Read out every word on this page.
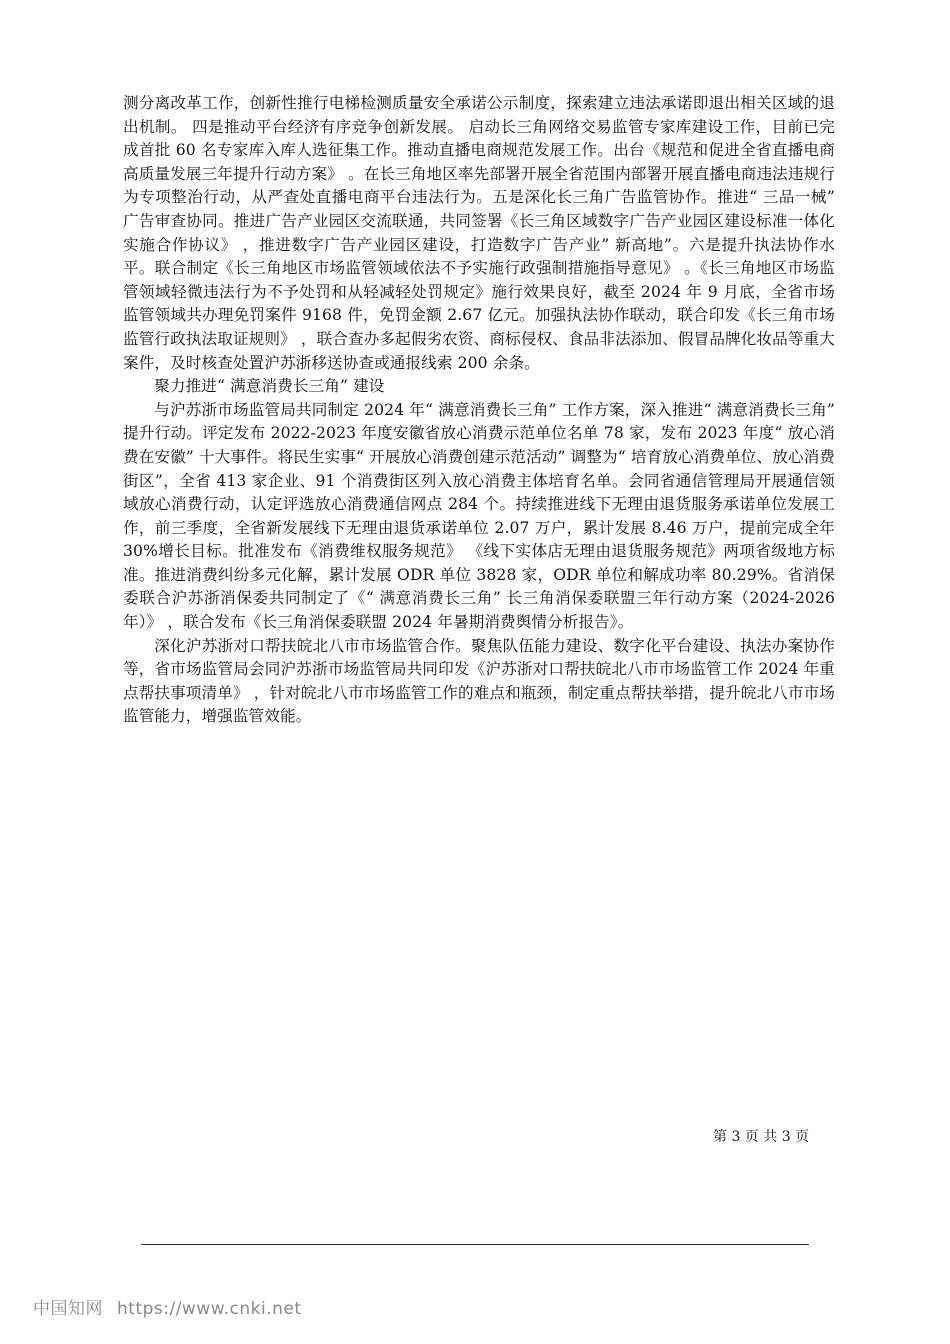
测分离改革工作，创新性推行电梯检测质量安全承诺公示制度，探索建立违法承诺即退出相关区域的退出机制。 四是推动平台经济有序竞争创新发展。 启动长三角网络交易监管专家库建设工作，目前已完成首批 60 名专家库入库人选征集工作。推动直播电商规范发展工作。出台《规范和促进全省直播电商高质量发展三年提升行动方案》 。在长三角地区率先部署开展全省范围内部署开展直播电商违法违规行为专项整治行动，从严查处直播电商平台违法行为。五是深化长三角广告监管协作。推进“ 三品一械” 广告审查协同。推进广告产业园区交流联通，共同签署《长三角区域数字广告产业园区建设标准一体化实施合作协议》 ，推进数字广告产业园区建设，打造数字广告产业” 新高地”。六是提升执法协作水平。联合制定《长三角地区市场监管领域依法不予实施行政强制措施指导意见》 。《长三角地区市场监管领域轻微违法行为不予处罚和从轻减轻处罚规定》施行效果良好，截至 2024 年 9 月底，全省市场监管领域共办理免罚案件 9168 件，免罚金额 2.67 亿元。加强执法协作联动，联合印发《长三角市场监管行政执法取证规则》 ，联合查办多起假劣农资、商标侵权、食品非法添加、假冒品牌化妆品等重大案件，及时核查处置沪苏浙移送协查或通报线索 200 余条。

聚力推进“ 满意消费长三角” 建设

与沪苏浙市场监管局共同制定 2024 年“ 满意消费长三角” 工作方案，深入推进“ 满意消费长三角” 提升行动。评定发布 2022-2023 年度安徽省放心消费示范单位名单 78 家，发布 2023 年度“ 放心消费在安徽” 十大事件。将民生实事“ 开展放心消费创建示范活动” 调整为“ 培育放心消费单位、放心消费街区”，全省 413 家企业、91 个消费街区列入放心消费主体培育名单。会同省通信管理局开展通信领域放心消费行动，认定评选放心消费通信网点 284 个。持续推进线下无理由退货服务承诺单位发展工作，前三季度，全省新发展线下无理由退货承诺单位 2.07 万户，累计发展 8.46 万户，提前完成全年 30%增长目标。批准发布《消费维权服务规范》 《线下实体店无理由退货服务规范》两项省级地方标准。推进消费纠纷多元化解，累计发展 ODR 单位 3828 家，ODR 单位和解成功率 80.29%。省消保委联合沪苏浙消保委共同制定了《“ 满意消费长三角” 长三角消保委联盟三年行动方案（2024-2026 年）》 ，联合发布《长三角消保委联盟 2024 年暑期消费舆情分析报告》。

深化沪苏浙对口帮扶皖北八市市场监管合作。聚焦队伍能力建设、数字化平台建设、执法办案协作等，省市场监管局会同沪苏浙市场监管局共同印发《沪苏浙对口帮扶皖北八市市场监管工作 2024 年重点帮扶事项清单》 ，针对皖北八市市场监管工作的难点和瓶颈，制定重点帮扶举措，提升皖北八市市场监管能力，增强监管效能。

第 3 页 共 3 页
中国知网 https://www.cnki.net
